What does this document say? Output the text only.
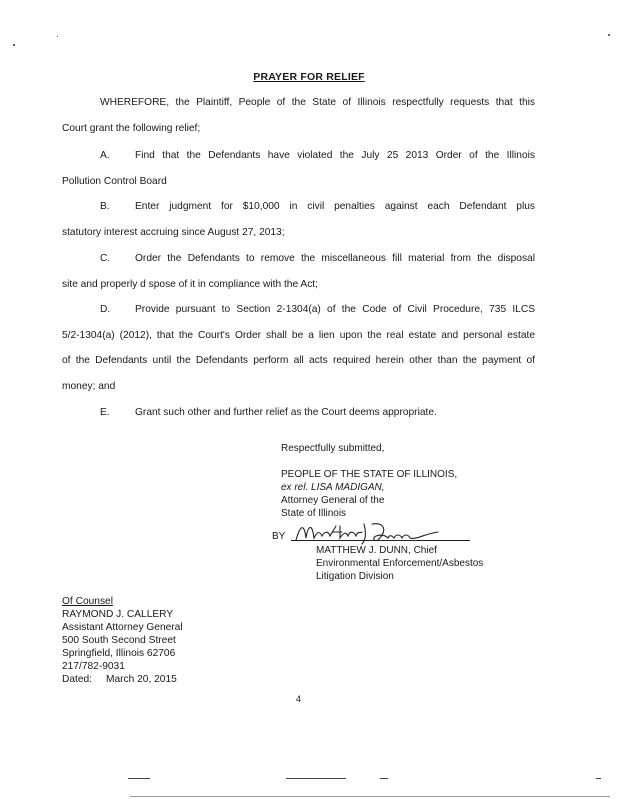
PRAYER FOR RELIEF
WHEREFORE, the Plaintiff, People of the State of Illinois respectfully requests that this
Court grant the following relief;
A. Find that the Defendants have violated the July 25 2013 Order of the Illinois
Pollution Control Board
B. Enter judgment for $10,000 in civil penalties against each Defendant plus
statutory interest accruing since August 27, 2013;
C. Order the Defendants to remove the miscellaneous fill material from the disposal
site and properly d spose of it in compliance with the Act;
D. Provide pursuant to Section 2-1304(a) of the Code of Civil Procedure, 735 ILCS
5/2-1304(a) (2012), that the Court's Order shall be a lien upon the real estate and personal estate
of the Defendants until the Defendants perform all acts required herein other than the payment of
money; and
E. Grant such other and further relief as the Court deems appropriate.
Respectfully submitted,
PEOPLE OF THE STATE OF ILLINOIS,
ex rel. LISA MADIGAN,
Attorney General of the
State of Illinois
BY
MATTHEW J. DUNN, Chief
Environmental Enforcement/Asbestos
Litigation Division
Of Counsel
RAYMOND J. CALLERY
Assistant Attorney General
500 South Second Street
Springfield, Illinois 62706
217/782-9031
Dated: March 20, 2015
4
